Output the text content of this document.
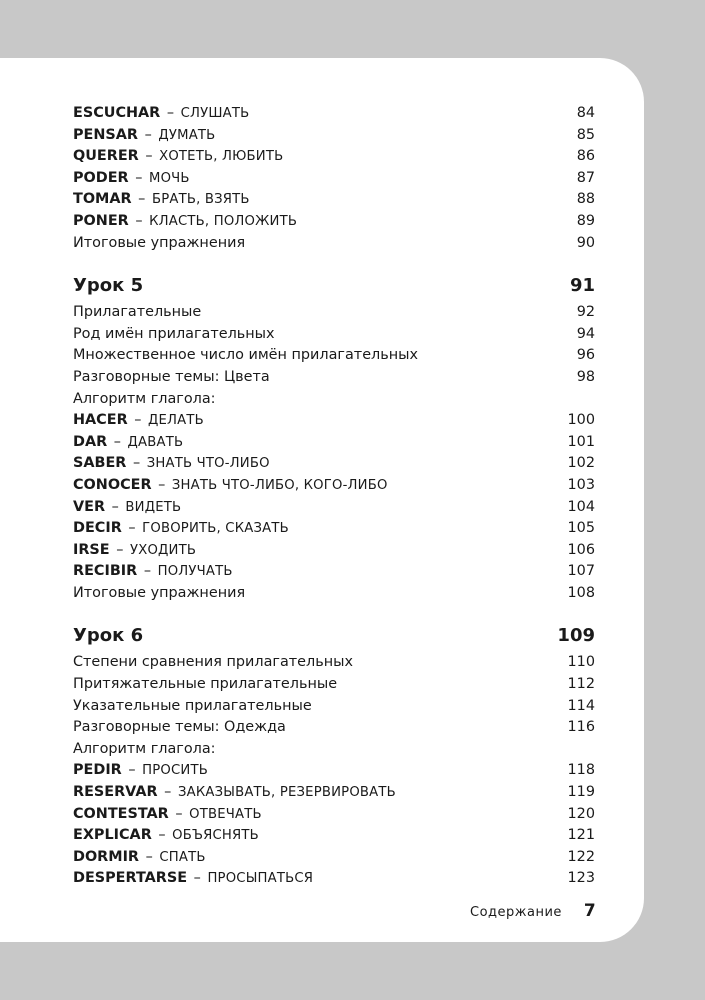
ESCUCHAR – СЛУШАТЬ	84
PENSAR – ДУМАТЬ	85
QUERER – ХОТЕТЬ, ЛЮБИТЬ	86
PODER – МОЧЬ	87
TOMAR – БРАТЬ, ВЗЯТЬ	88
PONER – КЛАСТЬ, ПОЛОЖИТЬ	89
Итоговые упражнения	90
Урок 5	91
Прилагательные	92
Род имён прилагательных	94
Множественное число имён прилагательных	96
Разговорные темы: Цвета	98
Алгоритм глагола:
HACER – ДЕЛАТЬ	100
DAR – ДАВАТЬ	101
SABER – ЗНАТЬ ЧТО-ЛИБО	102
CONOCER – ЗНАТЬ ЧТО-ЛИБО, КОГО-ЛИБО	103
VER – ВИДЕТЬ	104
DECIR – ГОВОРИТЬ, СКАЗАТЬ	105
IRSE – УХОДИТЬ	106
RECIBIR – ПОЛУЧАТЬ	107
Итоговые упражнения	108
Урок 6	109
Степени сравнения прилагательных	110
Притяжательные прилагательные	112
Указательные прилагательные	114
Разговорные темы: Одежда	116
Алгоритм глагола:
PEDIR – ПРОСИТЬ	118
RESERVAR – ЗАКАЗЫВАТЬ, РЕЗЕРВИРОВАТЬ	119
CONTESTAR – ОТВЕЧАТЬ	120
EXPLICAR – ОБЪЯСНЯТЬ	121
DORMIR – СПАТЬ	122
DESPERTARSE – ПРОСЫПАТЬСЯ	123
Содержание 7
